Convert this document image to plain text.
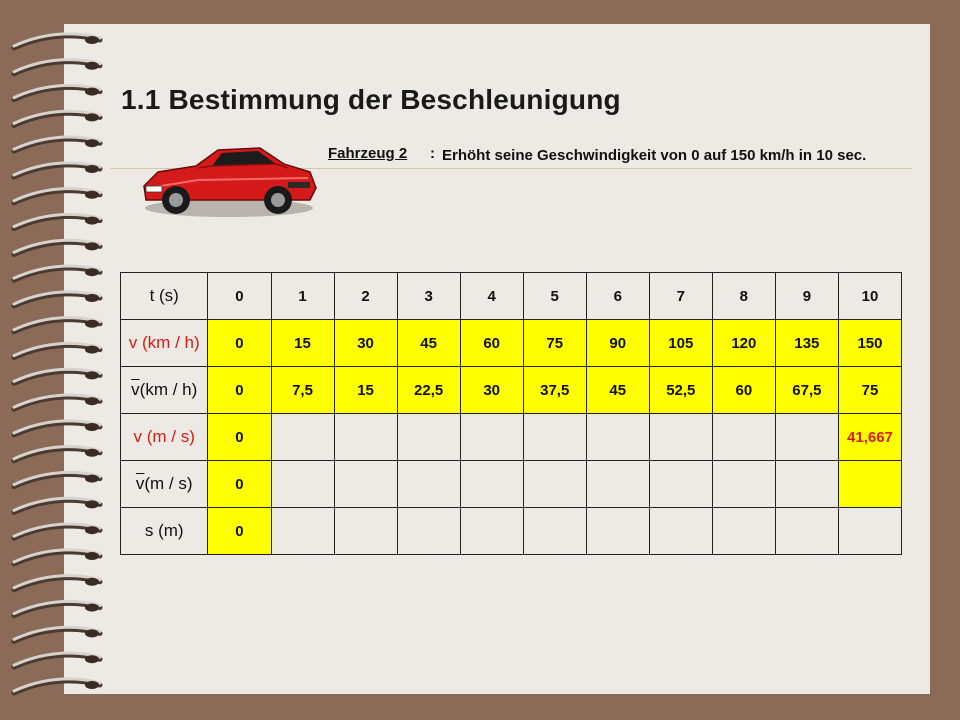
1.1 Bestimmung der Beschleunigung
Fahrzeug 2 : Erhöht seine Geschwindigkeit von 0 auf 150 km/h in 10 sec.
t (s)	0	1	2	3	4	5	6	7	8	9	10
v (km / h)	0	15	30	45	60	75	90	105	120	135	150
$\overline{v}(km / h)$	0	7,5	15	22,5	30	37,5	45	52,5	60	67,5	75
v (m / s)	0										41,667
$\overline{v}(m / s)$	0										
s (m)	0										
